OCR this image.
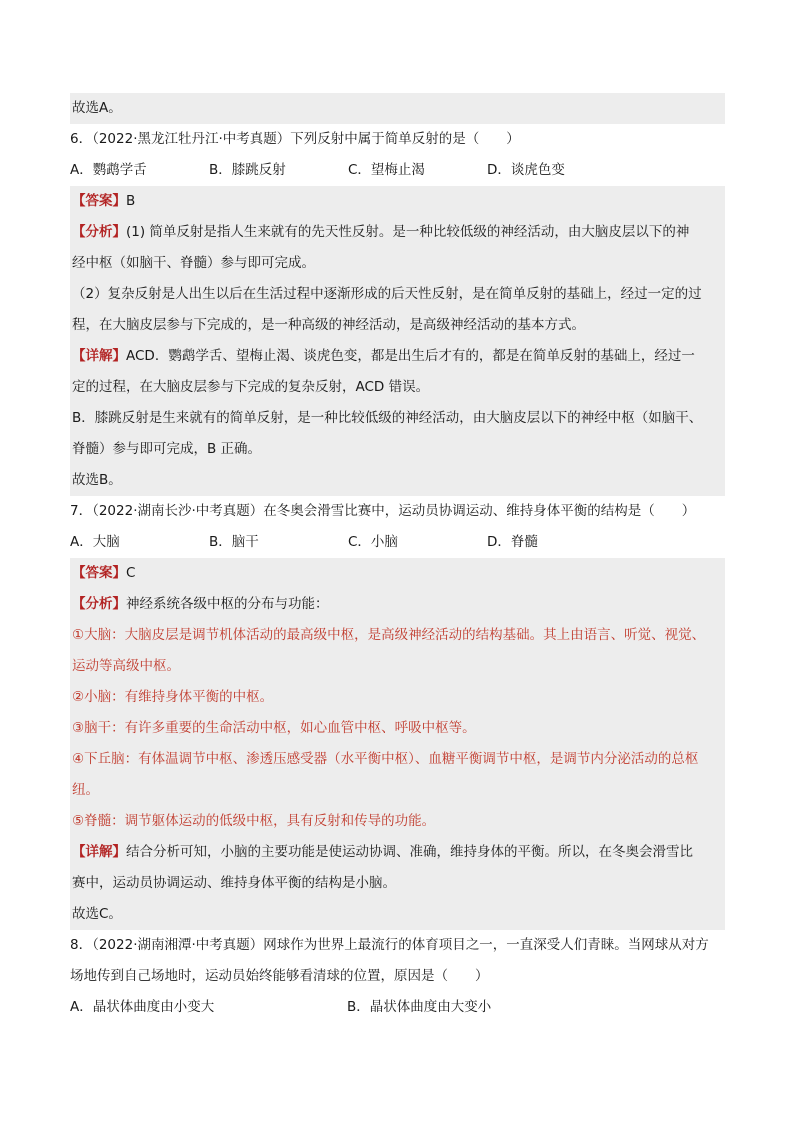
故选A。
6．（2022·黑龙江牡丹江·中考真题）下列反射中属于简单反射的是（　　）
A．鹦鹉学舌	B．膝跳反射	C．望梅止渴	D．谈虎色变
【答案】B
【分析】(1) 简单反射是指人生来就有的先天性反射。是一种比较低级的神经活动，由大脑皮层以下的神
经中枢（如脑干、脊髓）参与即可完成。
（2）复杂反射是人出生以后在生活过程中逐渐形成的后天性反射，是在简单反射的基础上，经过一定的过
程，在大脑皮层参与下完成的，是一种高级的神经活动，是高级神经活动的基本方式。
【详解】ACD．鹦鹉学舌、望梅止渴、谈虎色变，都是出生后才有的，都是在简单反射的基础上，经过一
定的过程，在大脑皮层参与下完成的复杂反射，ACD 错误。
B．膝跳反射是生来就有的简单反射，是一种比较低级的神经活动，由大脑皮层以下的神经中枢（如脑干、
脊髓）参与即可完成，B 正确。
故选B。
7．（2022·湖南长沙·中考真题）在冬奥会滑雪比赛中，运动员协调运动、维持身体平衡的结构是（　　）
A．大脑	B．脑干	C．小脑	D．脊髓
【答案】C
【分析】神经系统各级中枢的分布与功能：
①大脑：大脑皮层是调节机体活动的最高级中枢，是高级神经活动的结构基础。其上由语言、听觉、视觉、
运动等高级中枢。
②小脑：有维持身体平衡的中枢。
③脑干：有许多重要的生命活动中枢，如心血管中枢、呼吸中枢等。
④下丘脑：有体温调节中枢、渗透压感受器（水平衡中枢）、血糖平衡调节中枢，是调节内分泌活动的总枢
纽。
⑤脊髓：调节躯体运动的低级中枢，具有反射和传导的功能。
【详解】结合分析可知，小脑的主要功能是使运动协调、准确，维持身体的平衡。所以，在冬奥会滑雪比
赛中，运动员协调运动、维持身体平衡的结构是小脑。
故选C。
8．（2022·湖南湘潭·中考真题）网球作为世界上最流行的体育项目之一，一直深受人们青睐。当网球从对方
场地传到自己场地时，运动员始终能够看清球的位置，原因是（　　）
A．晶状体曲度由小变大	B．晶状体曲度由大变小
